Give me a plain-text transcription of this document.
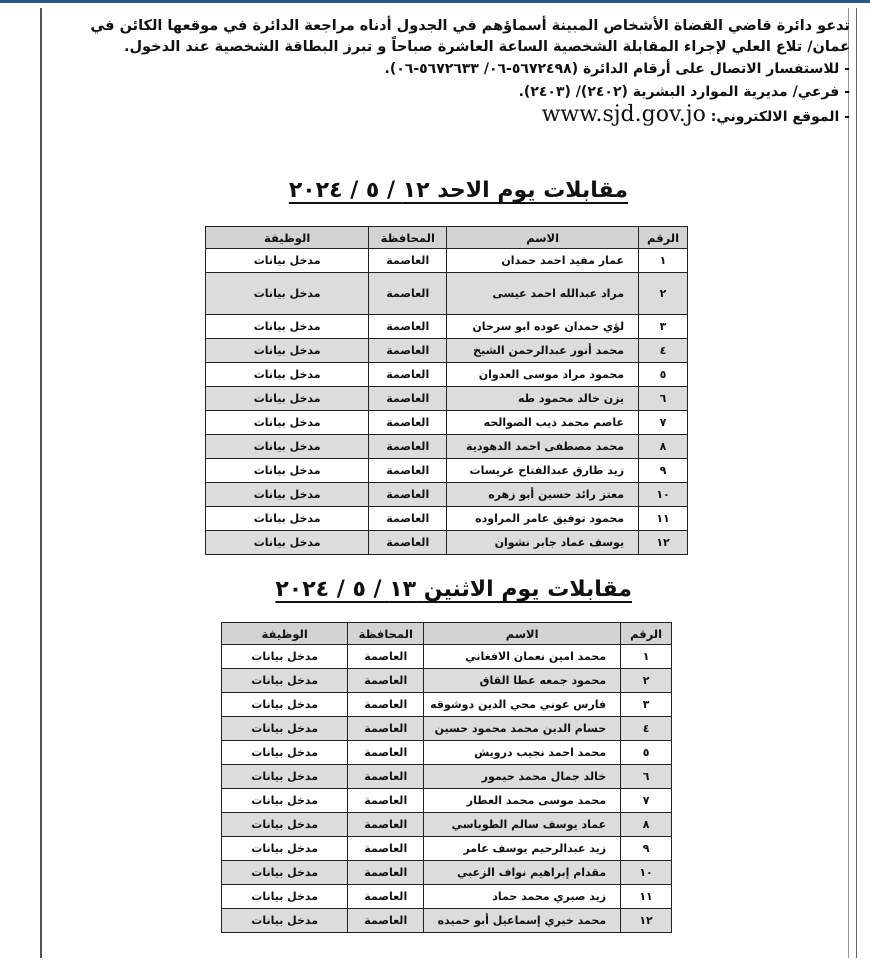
تدعو دائرة قاضي القضاة الأشخاص المبينة أسماؤهم في الجدول أدناه مراجعة الدائرة في موقعها الكائن في عمان/ تلاع العلي لإجراء المقابلة الشخصية الساعة العاشرة صباحاً و تبرز البطاقة الشخصية عند الدخول.

- للاستفسار الاتصال على أرقام الدائرة (٥٦٧٢٤٩٨-٠٦/ ٥٦٧٢٦٣٣-٠٦).

- فرعي/ مديرية الموارد البشرية (٢٤٠٢)/ (٢٤٠٣).

- الموقع الالكتروني: www.sjd.gov.jo

مقابلات يوم الاحد ١٢ / ٥ / ٢٠٢٤
الرقم	الاسم	المحافظة	الوظيفة
١	عمار مفيد احمد حمدان	العاصمة	مدخل بيانات
٢	مراد عبدالله احمد عيسى	العاصمة	مدخل بيانات
٣	لؤي حمدان عوده ابو سرحان	العاصمة	مدخل بيانات
٤	محمد أنور عبدالرحمن الشيخ	العاصمة	مدخل بيانات
٥	محمود مراد موسى العدوان	العاصمة	مدخل بيانات
٦	يزن خالد محمود طه	العاصمة	مدخل بيانات
٧	عاصم محمد ذيب الصوالحه	العاصمة	مدخل بيانات
٨	محمد مصطفى احمد الدهودية	العاصمة	مدخل بيانات
٩	زيد طارق عبدالفتاح غريسات	العاصمة	مدخل بيانات
١٠	معتز رائد حسين أبو زهره	العاصمة	مدخل بيانات
١١	محمود توفيق عامر المراوده	العاصمة	مدخل بيانات
١٢	يوسف عماد جابر نشوان	العاصمة	مدخل بيانات
مقابلات يوم الاثنين ١٣ / ٥ / ٢٠٢٤
الرقم	الاسم	المحافظة	الوظيفة
١	محمد امين نعمان الافغاني	العاصمة	مدخل بيانات
٢	محمود جمعه عطا القاق	العاصمة	مدخل بيانات
٣	فارس عوني محي الدين دوشوقه	العاصمة	مدخل بيانات
٤	حسام الدين محمد محمود حسين	العاصمة	مدخل بيانات
٥	محمد احمد نجيب درويش	العاصمة	مدخل بيانات
٦	خالد جمال محمد حيمور	العاصمة	مدخل بيانات
٧	محمد موسى محمد العطار	العاصمة	مدخل بيانات
٨	عماد يوسف سالم الطوباسي	العاصمة	مدخل بيانات
٩	زيد عبدالرحيم يوسف عامر	العاصمة	مدخل بيانات
١٠	مقدام إبراهيم نواف الزعبي	العاصمة	مدخل بيانات
١١	زيد صبري محمد حماد	العاصمة	مدخل بيانات
١٢	محمد خيري إسماعيل أبو حميده	العاصمة	مدخل بيانات
